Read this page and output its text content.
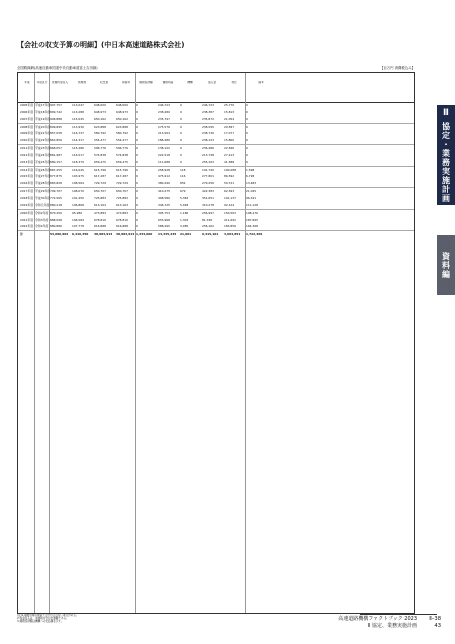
【会社の収支予算の明細】(中日本高速道路株式会社)
全国路線網(高速自動車国道中央自動車道富士吉田線)	【百万円 消費税込み】
年度	年度区分	計画料金収入	管理費	収支差	賃借料	債務返済額	債務残高	機構	借入金	利息	備考
2005年度 平成17年度 907,757	113,047	648,000	648,000	0	246,723	0	246,723	25,770	0
2006年度 平成18年度 899,742	113,288	648,973	648,973	0	238,480	0	238,387	15,813	0
2007年度 平成19年度 908,888	115,045	650,162	650,162	0	235,797	0	235,872	21,054	0
2008年度 平成20年度 899,895	113,930	623,888	623,888	0	275,576	0	238,595	20,587	0
2009年度 平成21年度 857,058	116,737	580,792	580,792	0	213,563	0	238,730	17,077	0
2010年度 平成22年度 863,856	114,317	554,477	554,477	0	188,480	0	238,123	15,800	0
2011年度 平成23年度 868,057	115,286	596,776	596,776	0	138,122	0	236,486	22,566	0
2012年度 平成24年度 881,987	116,517	574,838	574,838	0	222,518	0	213,748	27,213	0
2013年度 平成25年度 880,157	118,379	659,475	659,475	0	111,688	0	255,163	41,588	0
2014年度 平成26年度 887,255	116,045	615,796	615,796	0	258,928	118	191,740	100,088	1,598
2015年度 平成27年度 877,875	103,975	617,287	617,287	0	475,912	116	277,801	86,592	6,728
2016年度 平成28年度 883,828	108,564	729,729	729,729	0	380,290	852	279,256	50,721	13,483
2017年度 平成29年度 799,707	108,070	650,707	650,707	0	410,275	679	422,383	62,393	21,045
2018年度 平成30年度 772,565	101,450	725,883	725,883	0	408,580	5,384	351,651	101,137	96,341
2019年度 令和元年度 880,218	106,868	613,163	613,163	0	346,725	5,028	310,278	92,124	111,128
2020年度 令和2年度 870,450	95,286	473,883	473,883	0	395,753	1,186	256,997	150,563	198,476
2021年度 令和3年度 888,098	106,584	678,810	678,810	0	653,968	1,303	81,338	211,692	187,895
2022年度 令和4年度 880,886	107,778	616,888	616,888	0	588,495	3,485	256,162	183,856	164,368
計	53,686,902 6,416,350 38,983,913 38,983,913 1,434,000 14,335,235 21,001	9,415,101 3,664,851 1,722,369
(注)1.端数処理の関係で合計が合わない場合がある。
2.料金収入は、消費税を含む計画額である。
3.債務返済額は機構への支払額を示す。
Ⅱ
協定・業務実施計画
資料編
高速道路機構ファクトブック 2023
Ⅱ 協定、業務実施計画
Ⅱ–38
43
